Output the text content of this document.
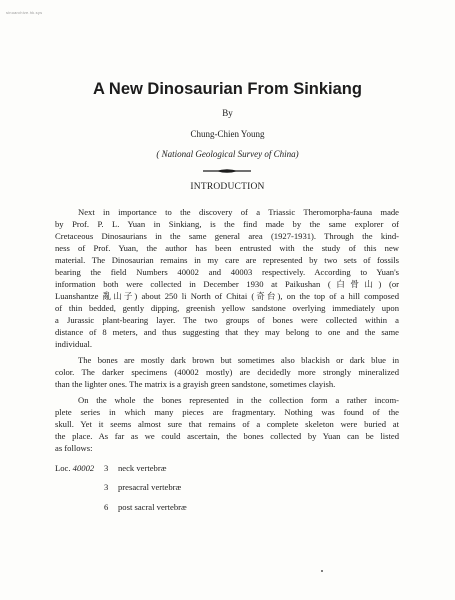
sinoarchive.hk.sys
A New Dinosaurian From Sinkiang
By
Chung-Chien Young
( National Geological Survey of China)
INTRODUCTION
Next in importance to the discovery of a Triassic Theromorpha-fauna made
by Prof. P. L. Yuan in Sinkiang, is the find made by the same explorer of
Cretaceous Dinosaurians in the same general area (1927-1931). Through the kind-
ness of Prof. Yuan, the author has been entrusted with the study of this new
material. The Dinosaurian remains in my care are represented by two sets of fossils
bearing the field Numbers 40002 and 40003 respectively. According to Yuan's
information both were collected in December 1930 at Paikushan (白骨山) (or
Luanshantze 亂山子) about 250 li North of Chitai (奇台), on the top of a hill composed
of thin bedded, gently dipping, greenish yellow sandstone overlying immediately upon
a Jurassic plant-bearing layer. The two groups of bones were collected within a
distance of 8 meters, and thus suggesting that they may belong to one and the same
individual.
The bones are mostly dark brown but sometimes also blackish or dark blue in
color. The darker specimens (40002 mostly) are decidedly more strongly mineralized
than the lighter ones. The matrix is a grayish green sandstone, sometimes clayish.
On the whole the bones represented in the collection form a rather incom-
plete series in which many pieces are fragmentary. Nothing was found of the
skull. Yet it seems almost sure that remains of a complete skeleton were buried at
the place. As far as we could ascertain, the bones collected by Yuan can be listed
as follows:
Loc. 40002 3 neck vertebræ
3 presacral vertebræ
6 post sacral vertebræ
